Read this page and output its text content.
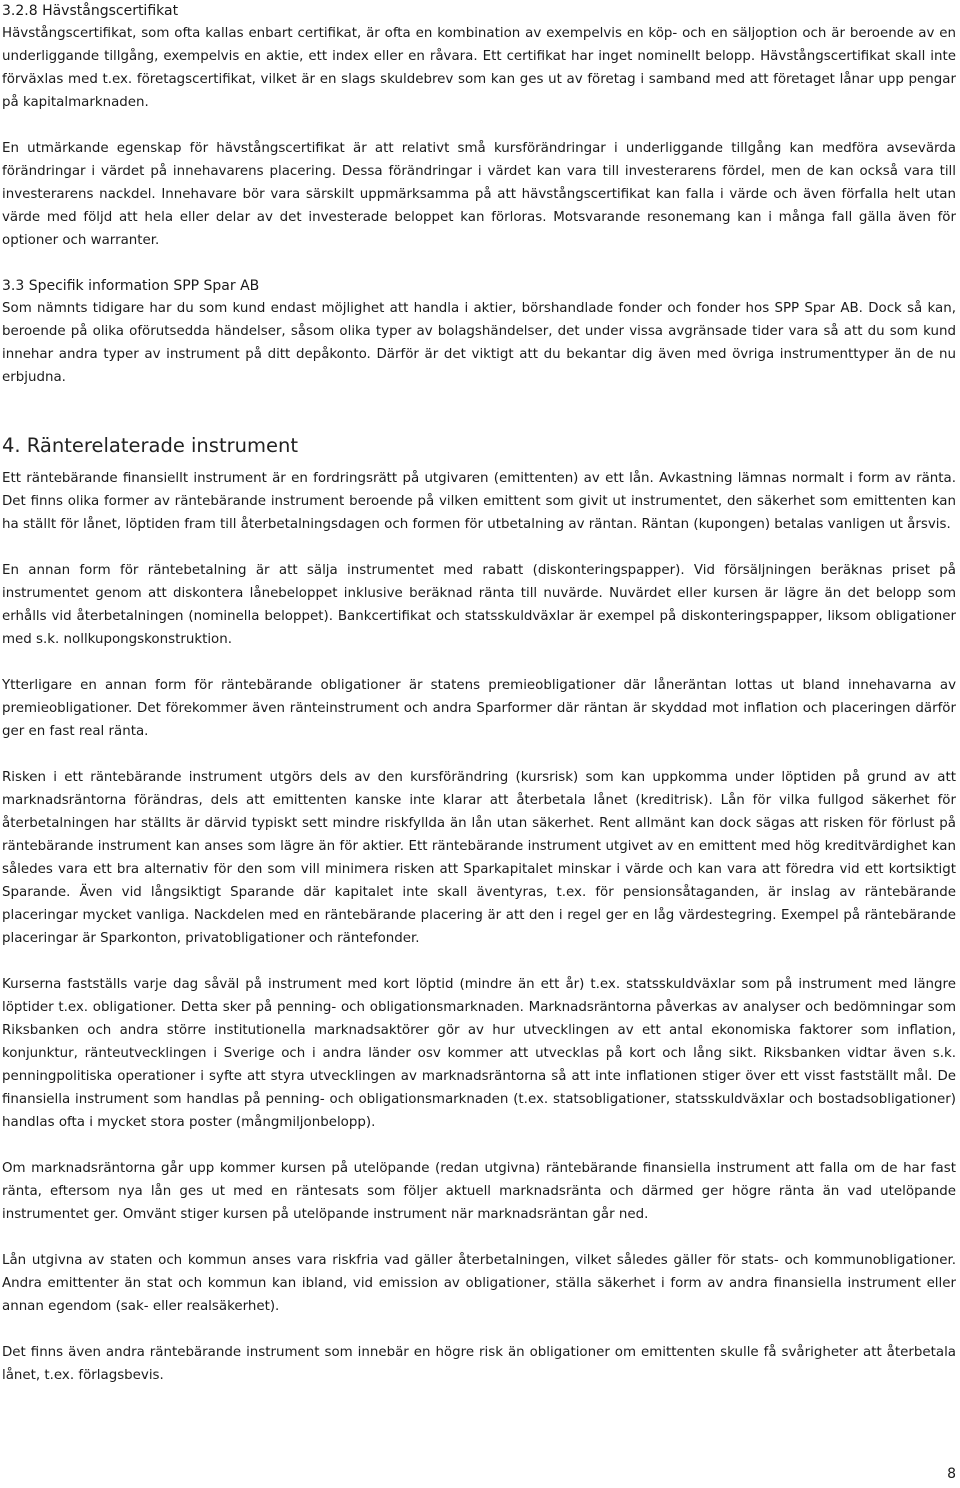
3.2.8 Hävstångscertifikat

Hävstångscertifikat, som ofta kallas enbart certifikat, är ofta en kombination av exempelvis en köp- och en säljoption och är beroende av en underliggande tillgång, exempelvis en aktie, ett index eller en råvara. Ett certifikat har inget nominellt belopp. Hävstångscertifikat skall inte förväxlas med t.ex. företagscertifikat, vilket är en slags skuldebrev som kan ges ut av företag i samband med att företaget lånar upp pengar på kapitalmarknaden.

En utmärkande egenskap för hävstångscertifikat är att relativt små kursförändringar i underliggande tillgång kan medföra avsevärda förändringar i värdet på innehavarens placering. Dessa förändringar i värdet kan vara till investerarens fördel, men de kan också vara till investerarens nackdel. Innehavare bör vara särskilt uppmärksamma på att hävstångscertifikat kan falla i värde och även förfalla helt utan värde med följd att hela eller delar av det investerade beloppet kan förloras. Motsvarande resonemang kan i många fall gälla även för optioner och warranter.

3.3 Specifik information SPP Spar AB

Som nämnts tidigare har du som kund endast möjlighet att handla i aktier, börshandlade fonder och fonder hos SPP Spar AB. Dock så kan, beroende på olika oförutsedda händelser, såsom olika typer av bolagshändelser, det under vissa avgränsade tider vara så att du som kund innehar andra typer av instrument på ditt depåkonto. Därför är det viktigt att du bekantar dig även med övriga instrumenttyper än de nu erbjudna.

4. Ränterelaterade instrument

Ett räntebärande finansiellt instrument är en fordringsrätt på utgivaren (emittenten) av ett lån. Avkastning lämnas normalt i form av ränta. Det finns olika former av räntebärande instrument beroende på vilken emittent som givit ut instrumentet, den säkerhet som emittenten kan ha ställt för lånet, löptiden fram till återbetalningsdagen och formen för utbetalning av räntan. Räntan (kupongen) betalas vanligen ut årsvis.

En annan form för räntebetalning är att sälja instrumentet med rabatt (diskonteringspapper). Vid försäljningen beräknas priset på instrumentet genom att diskontera lånebeloppet inklusive beräknad ränta till nuvärde. Nuvärdet eller kursen är lägre än det belopp som erhålls vid återbetalningen (nominella beloppet). Bankcertifikat och statsskuldväxlar är exempel på diskonteringspapper, liksom obligationer med s.k. nollkupongskonstruktion.

Ytterligare en annan form för räntebärande obligationer är statens premieobligationer där låneräntan lottas ut bland innehavarna av premieobligationer. Det förekommer även ränteinstrument och andra Sparformer där räntan är skyddad mot inflation och placeringen därför ger en fast real ränta.

Risken i ett räntebärande instrument utgörs dels av den kursförändring (kursrisk) som kan uppkomma under löptiden på grund av att marknadsräntorna förändras, dels att emittenten kanske inte klarar att återbetala lånet (kreditrisk). Lån för vilka fullgod säkerhet för återbetalningen har ställts är därvid typiskt sett mindre riskfyllda än lån utan säkerhet. Rent allmänt kan dock sägas att risken för förlust på räntebärande instrument kan anses som lägre än för aktier. Ett räntebärande instrument utgivet av en emittent med hög kreditvärdighet kan således vara ett bra alternativ för den som vill minimera risken att Sparkapitalet minskar i värde och kan vara att föredra vid ett kortsiktigt Sparande. Även vid långsiktigt Sparande där kapitalet inte skall äventyras, t.ex. för pensionsåtaganden, är inslag av räntebärande placeringar mycket vanliga. Nackdelen med en räntebärande placering är att den i regel ger en låg värdestegring. Exempel på räntebärande placeringar är Sparkonton, privatobligationer och räntefonder.

Kurserna fastställs varje dag såväl på instrument med kort löptid (mindre än ett år) t.ex. statsskuldväxlar som på instrument med längre löptider t.ex. obligationer. Detta sker på penning- och obligationsmarknaden. Marknadsräntorna påverkas av analyser och bedömningar som Riksbanken och andra större institutionella marknadsaktörer gör av hur utvecklingen av ett antal ekonomiska faktorer som inflation, konjunktur, ränteutvecklingen i Sverige och i andra länder osv kommer att utvecklas på kort och lång sikt. Riksbanken vidtar även s.k. penningpolitiska operationer i syfte att styra utvecklingen av marknadsräntorna så att inte inflationen stiger över ett visst fastställt mål. De finansiella instrument som handlas på penning- och obligationsmarknaden (t.ex. statsobligationer, statsskuldväxlar och bostadsobligationer) handlas ofta i mycket stora poster (mångmiljonbelopp).

Om marknadsräntorna går upp kommer kursen på utelöpande (redan utgivna) räntebärande finansiella instrument att falla om de har fast ränta, eftersom nya lån ges ut med en räntesats som följer aktuell marknadsränta och därmed ger högre ränta än vad utelöpande instrumentet ger. Omvänt stiger kursen på utelöpande instrument när marknadsräntan går ned.

Lån utgivna av staten och kommun anses vara riskfria vad gäller återbetalningen, vilket således gäller för stats- och kommunobligationer. Andra emittenter än stat och kommun kan ibland, vid emission av obligationer, ställa säkerhet i form av andra finansiella instrument eller annan egendom (sak- eller realsäkerhet).

Det finns även andra räntebärande instrument som innebär en högre risk än obligationer om emittenten skulle få svårigheter att återbetala lånet, t.ex. förlagsbevis.

8
